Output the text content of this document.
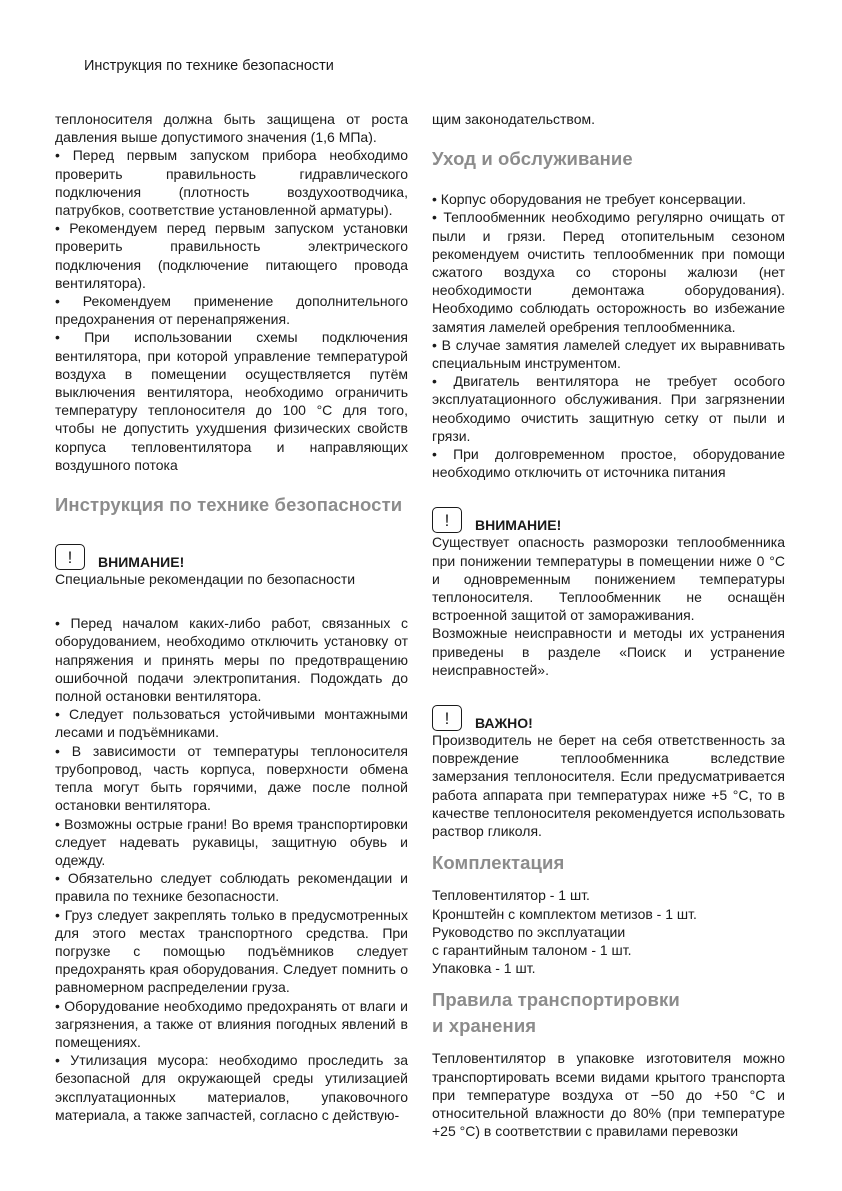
Инструкция по технике безопасности

теплоносителя должна быть защищена от роста давления выше допустимого значения (1,6 МПа).

• Перед первым запуском прибора необходимо проверить правильность гидравлического подключения (плотность воздухоотводчика, патрубков, соответствие установленной арматуры).

• Рекомендуем перед первым запуском установки проверить правильность электрического подключения (подключение питающего провода вентилятора).

• Рекомендуем применение дополнительного предохранения от перенапряжения.

• При использовании схемы подключения вентилятора, при которой управление температурой воздуха в помещении осуществляется путём выключения вентилятора, необходимо ограничить температуру теплоносителя до 100 °С для того, чтобы не допустить ухудшения физических свойств корпуса тепловентилятора и направляющих воздушного потока

Инструкция по технике безопасности
!	ВНИМАНИЕ!

Специальные рекомендации по безопасности

• Перед началом каких-либо работ, связанных с оборудованием, необходимо отключить установку от напряжения и принять меры по предотвращению ошибочной подачи электропитания. Подождать до полной остановки вентилятора.

• Следует пользоваться устойчивыми монтажными лесами и подъёмниками.

• В зависимости от температуры теплоносителя трубопровод, часть корпуса, поверхности обмена тепла могут быть горячими, даже после полной остановки вентилятора.

• Возможны острые грани! Во время транспортировки следует надевать рукавицы, защитную обувь и одежду.

• Обязательно следует соблюдать рекомендации и правила по технике безопасности.

• Груз следует закреплять только в предусмотренных для этого местах транспортного средства. При погрузке с помощью подъёмников следует предохранять края оборудования. Следует помнить о равномерном распределении груза.

• Оборудование необходимо предохранять от влаги и загрязнения, а также от влияния погодных явлений в помещениях.

• Утилизация мусора: необходимо проследить за безопасной для окружающей среды утилизацией эксплуатационных материалов, упаковочного материала, а также запчастей, согласно с действую-

щим законодательством.

Уход и обслуживание

• Корпус оборудования не требует консервации.

• Теплообменник необходимо регулярно очищать от пыли и грязи. Перед отопительным сезоном рекомендуем очистить теплообменник при помощи сжатого воздуха со стороны жалюзи (нет необходимости демонтажа оборудования). Необходимо соблюдать осторожность во избежание замятия ламелей оребрения теплообменника.

• В случае замятия ламелей следует их выравнивать специальным инструментом.

• Двигатель вентилятора не требует особого эксплуатационного обслуживания. При загрязнении необходимо очистить защитную сетку от пыли и грязи.

• При долговременном простое, оборудование необходимо отключить от источника питания

!	ВНИМАНИЕ!

Существует опасность разморозки теплообменника при понижении температуры в помещении ниже 0 °С и одновременным понижением температуры теплоносителя. Теплообменник не оснащён встроенной защитой от замораживания.

Возможные неисправности и методы их устранения приведены в разделе «Поиск и устранение неисправностей».

!	ВАЖНО!

Производитель не берет на себя ответственность за повреждение теплообменника вследствие замерзания теплоносителя. Если предусматривается работа аппарата при температурах ниже +5 °С, то в качестве теплоносителя рекомендуется использовать раствор гликоля.

Комплектация

Тепловентилятор - 1 шт.

Кронштейн с комплектом метизов - 1 шт.

Руководство по эксплуатации

с гарантийным талоном - 1 шт.

Упаковка - 1 шт.

Правила транспортировки
и хранения

Тепловентилятор в упаковке изготовителя можно транспортировать всеми видами крытого транспорта при температуре воздуха от −50 до +50 °С и относительной влажности до 80% (при температуре +25 °С) в соответствии с правилами перевозки
